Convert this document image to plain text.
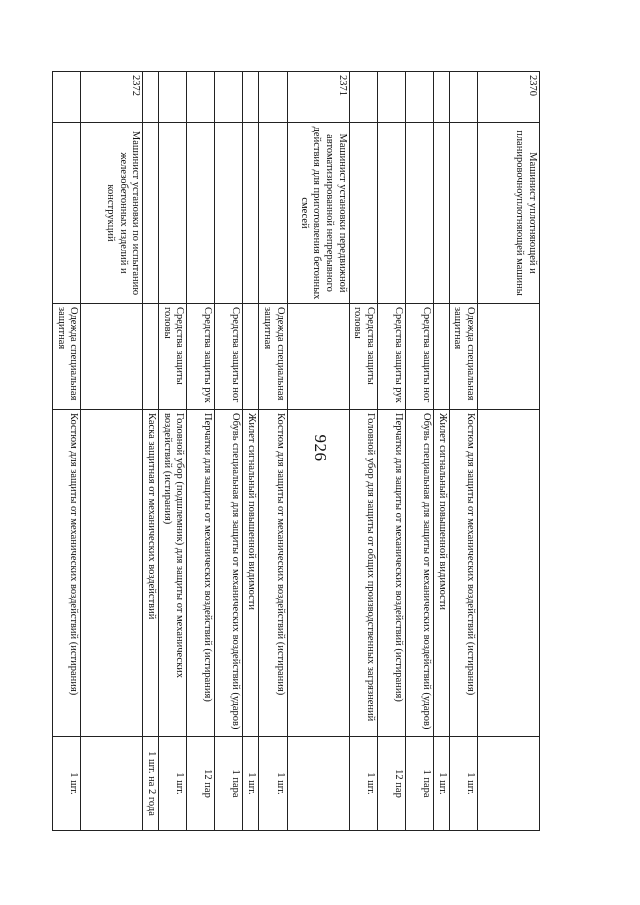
926
2370	Машинист уплотняющей и планировочноуплотняющей машины			
		Одежда специальная защитная	Костюм для защиты от механических воздействий (истирания)	1 шт.
			Жилет сигнальный повышенной видимости	1 шт.
		Средства защиты ног	Обувь специальная для защиты от механических воздействий (ударов)	1 пара
		Средства защиты рук	Перчатки для защиты от механических воздействий (истирания)	12 пар
		Средства защиты головы	Головной убор для защиты от общих производственных загрязнений	1 шт.
2371	Машинист установки передвижной автоматизированной непрерывного действия для приготовления бетонных смесей			
		Одежда специальная защитная	Костюм для защиты от механических воздействий (истирания)	1 шт.
			Жилет сигнальный повышенной видимости	1 шт.
		Средства защиты ног	Обувь специальная для защиты от механических воздействий (ударов)	1 пара
		Средства защиты рук	Перчатки для защиты от механических воздействий (истирания)	12 пар
		Средства защиты головы	Головной убор (подшлемник) для защиты от механических воздействий (истирания)	1 шт.
			Каска защитная от механических воздействий	1 шт. на 2 года
2372	Машинист установки по испытанию железобетонных изделий и конструкций			
		Одежда специальная защитная	Костюм для защиты от механических воздействий (истирания)	1 шт.
